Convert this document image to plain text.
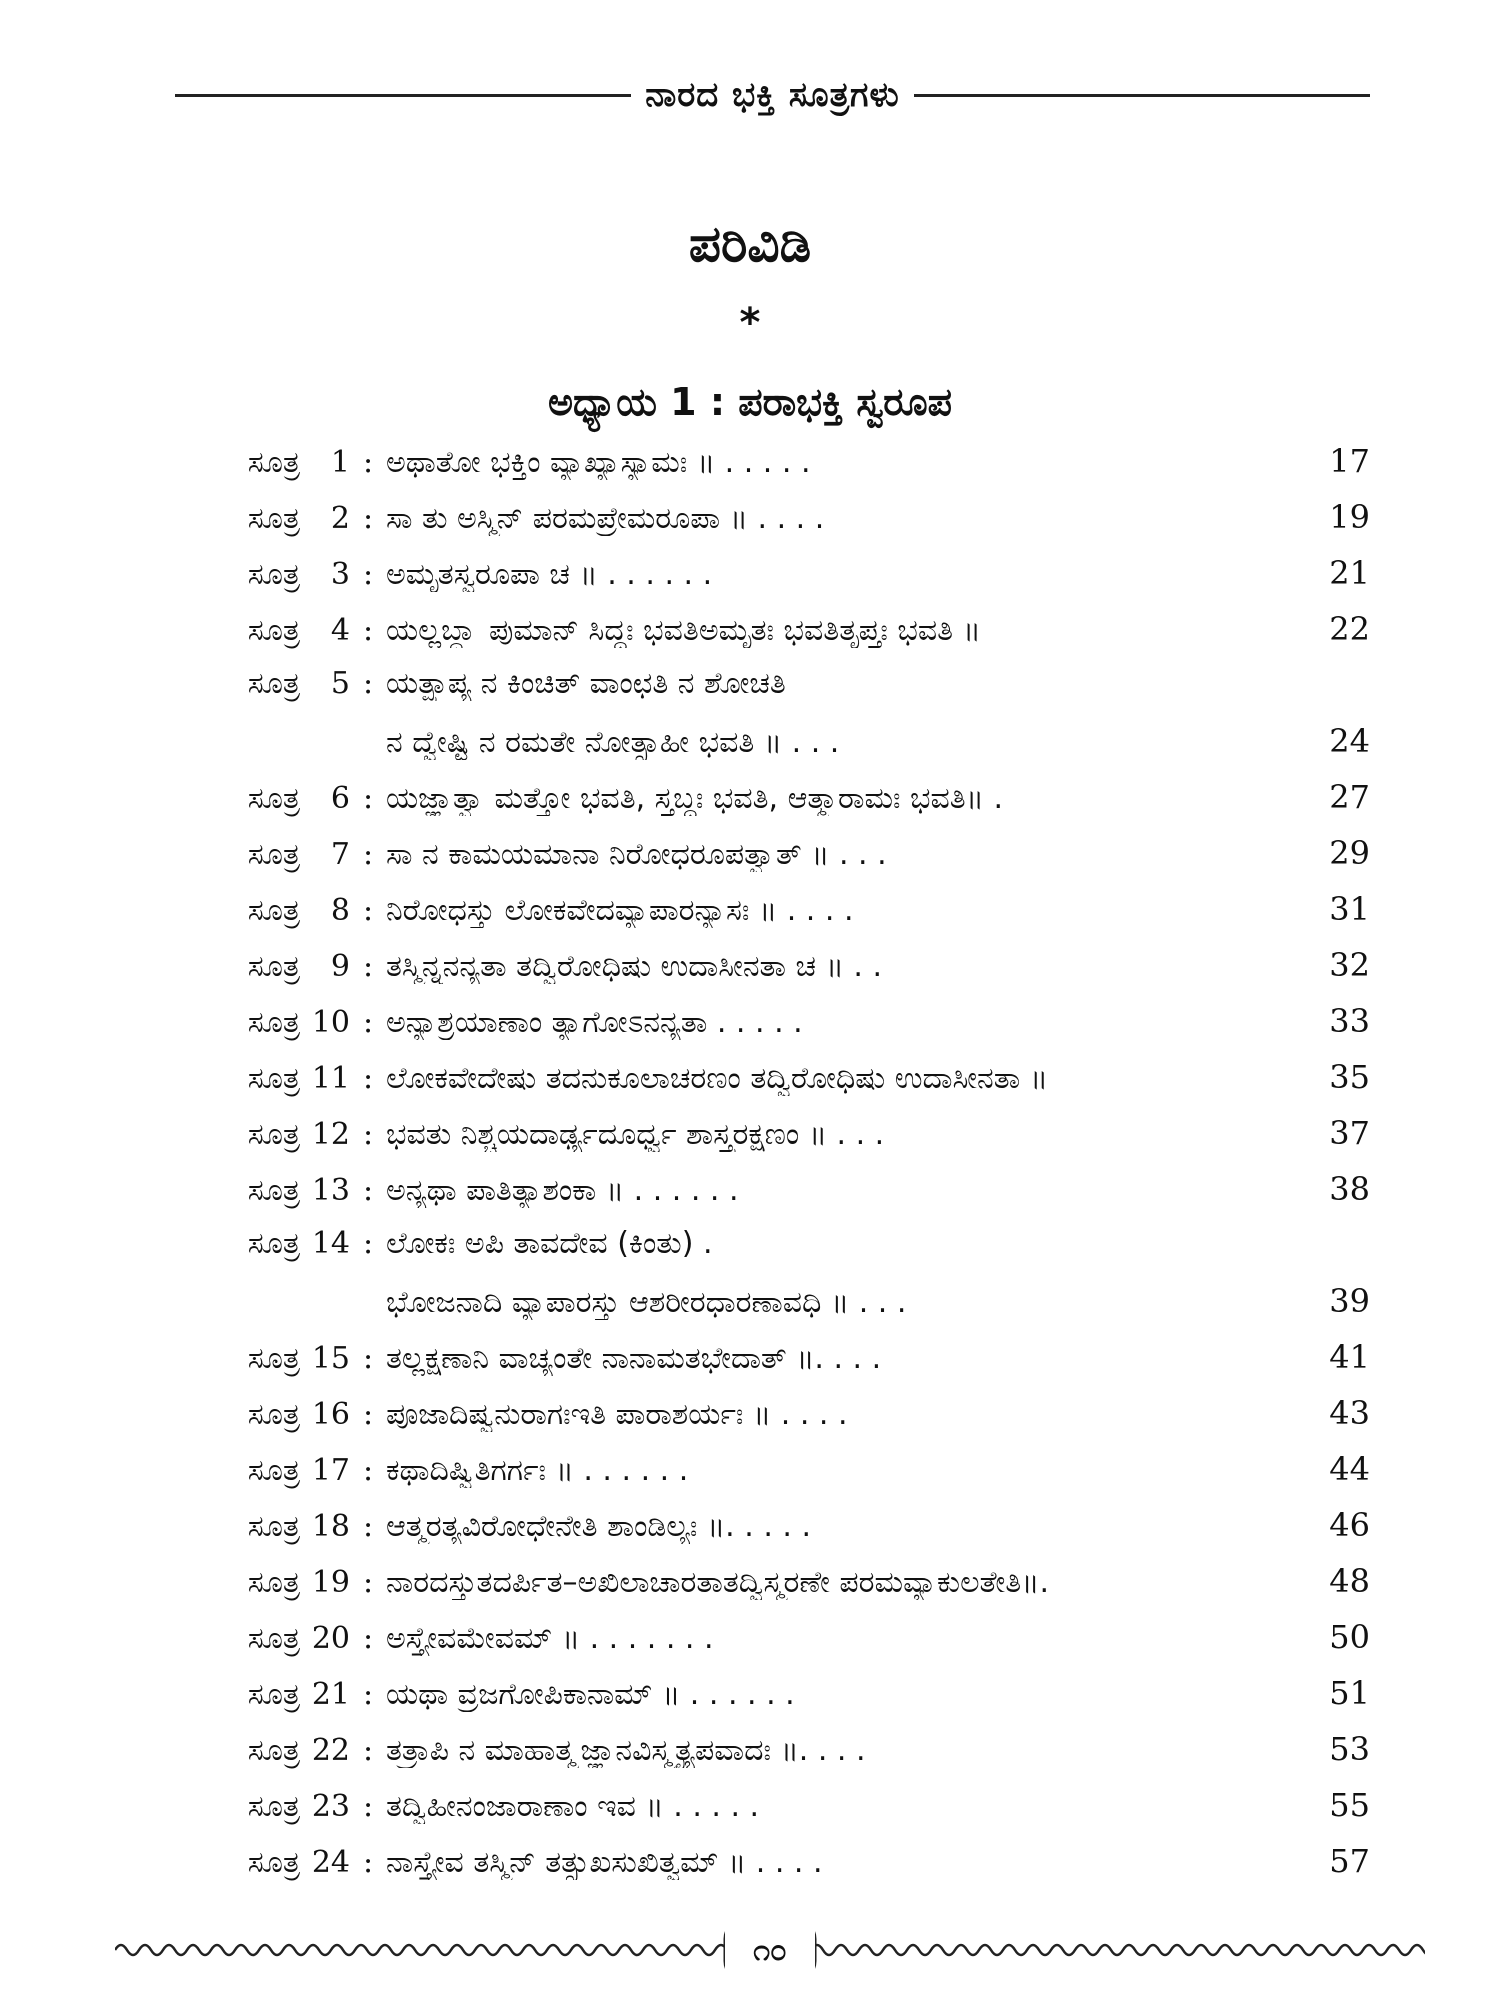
ನಾರದ ಭಕ್ತಿ ಸೂತ್ರಗಳು
ಪರಿವಿಡಿ
*
ಅಧ್ಯಾಯ 1 : ಪರಾಭಕ್ತಿ ಸ್ವರೂಪ
ಸೂತ್ರ 1 : ಅಥಾತೋ ಭಕ್ತಿಂ ವ್ಯಾಖ್ಯಾಸ್ಯಾಮಃ ॥ . . . . .	17
ಸೂತ್ರ 2 : ಸಾ ತು ಅಸ್ಮಿನ್ ಪರಮಪ್ರೇಮರೂಪಾ ॥ . . . .	19
ಸೂತ್ರ 3 : ಅಮೃತಸ್ವರೂಪಾ ಚ ॥ . . . . . .	21
ಸೂತ್ರ 4 : ಯಲ್ಲಬ್ಧ್ವಾ ಪುಮಾನ್ ಸಿದ್ಧಃ ಭವತಿಅಮೃತಃ ಭವತಿತೃಪ್ತಃ ಭವತಿ ॥	22
ಸೂತ್ರ 5 : ಯತ್ಪ್ರಾಪ್ಯ ನ ಕಿಂಚಿತ್ ವಾಂಛತಿ ನ ಶೋಚತಿ
ನ ದ್ವೇಷ್ಟಿ ನ ರಮತೇ ನೋತ್ಸಾಹೀ ಭವತಿ ॥ . . .	24
ಸೂತ್ರ 6 : ಯಜ್ಞಾತ್ವಾ ಮತ್ತೋ ಭವತಿ, ಸ್ತಬ್ಧಃ ಭವತಿ, ಆತ್ಮಾರಾಮಃ ಭವತಿ॥ .	27
ಸೂತ್ರ 7 : ಸಾ ನ ಕಾಮಯಮಾನಾ ನಿರೋಧರೂಪತ್ವಾತ್ ॥ . . .	29
ಸೂತ್ರ 8 : ನಿರೋಧಸ್ತು ಲೋಕವೇದವ್ಯಾಪಾರನ್ಯಾಸಃ ॥ . . . .	31
ಸೂತ್ರ 9 : ತಸ್ಮಿನ್ನನನ್ಯತಾ ತದ್ವಿರೋಧಿಷು ಉದಾಸೀನತಾ ಚ ॥ . .	32
ಸೂತ್ರ 10 : ಅನ್ಯಾಶ್ರಯಾಣಾಂ ತ್ಯಾಗೋಽನನ್ಯತಾ . . . . .	33
ಸೂತ್ರ 11 : ಲೋಕವೇದೇಷು ತದನುಕೂಲಾಚರಣಂ ತದ್ವಿರೋಧಿಷು ಉದಾಸೀನತಾ ॥	35
ಸೂತ್ರ 12 : ಭವತು ನಿಶ್ಚಯದಾರ್ಢ್ಯದೂರ್ಧ್ವ ಶಾಸ್ತ್ರರಕ್ಷಣಂ ॥ . . .	37
ಸೂತ್ರ 13 : ಅನ್ಯಥಾ ಪಾತಿತ್ಯಾಶಂಕಾ ॥ . . . . . .	38
ಸೂತ್ರ 14 : ಲೋಕಃ ಅಪಿ ತಾವದೇವ (ಕಿಂತು) .
ಭೋಜನಾದಿ ವ್ಯಾಪಾರಸ್ತು ಆಶರೀರಧಾರಣಾವಧಿ ॥ . . .	39
ಸೂತ್ರ 15 : ತಲ್ಲಕ್ಷಣಾನಿ ವಾಚ್ಯಂತೇ ನಾನಾಮತಭೇದಾತ್ ॥. . . .	41
ಸೂತ್ರ 16 : ಪೂಜಾದಿಷ್ವನುರಾಗಃಇತಿ ಪಾರಾಶರ್ಯಃ ॥ . . . .	43
ಸೂತ್ರ 17 : ಕಥಾದಿಷ್ವಿತಿಗರ್ಗಃ ॥ . . . . . .	44
ಸೂತ್ರ 18 : ಆತ್ಮರತ್ಯವಿರೋಧೇನೇತಿ ಶಾಂಡಿಲ್ಯಃ ॥. . . . .	46
ಸೂತ್ರ 19 : ನಾರದಸ್ತುತದರ್ಪಿತ–ಅಖಿಲಾಚಾರತಾತದ್ವಿಸ್ಮರಣೇ ಪರಮವ್ಯಾಕುಲತೇತಿ॥.	48
ಸೂತ್ರ 20 : ಅಸ್ತ್ಯೇವಮೇವಮ್ ॥ . . . . . . .	50
ಸೂತ್ರ 21 : ಯಥಾ ವ್ರಜಗೋಪಿಕಾನಾಮ್ ॥ . . . . . .	51
ಸೂತ್ರ 22 : ತತ್ರಾಪಿ ನ ಮಾಹಾತ್ಮ್ಯಜ್ಞಾನವಿಸ್ಮೃತ್ಯಪವಾದಃ ॥. . . .	53
ಸೂತ್ರ 23 : ತದ್ವಿಹೀನಂಜಾರಾಣಾಂ ಇವ ॥ . . . . .	55
ಸೂತ್ರ 24 : ನಾಸ್ತ್ಯೇವ ತಸ್ಮಿನ್ ತತ್ಸುಖಸುಖಿತ್ವಮ್ ॥ . . . .	57
೧೦
